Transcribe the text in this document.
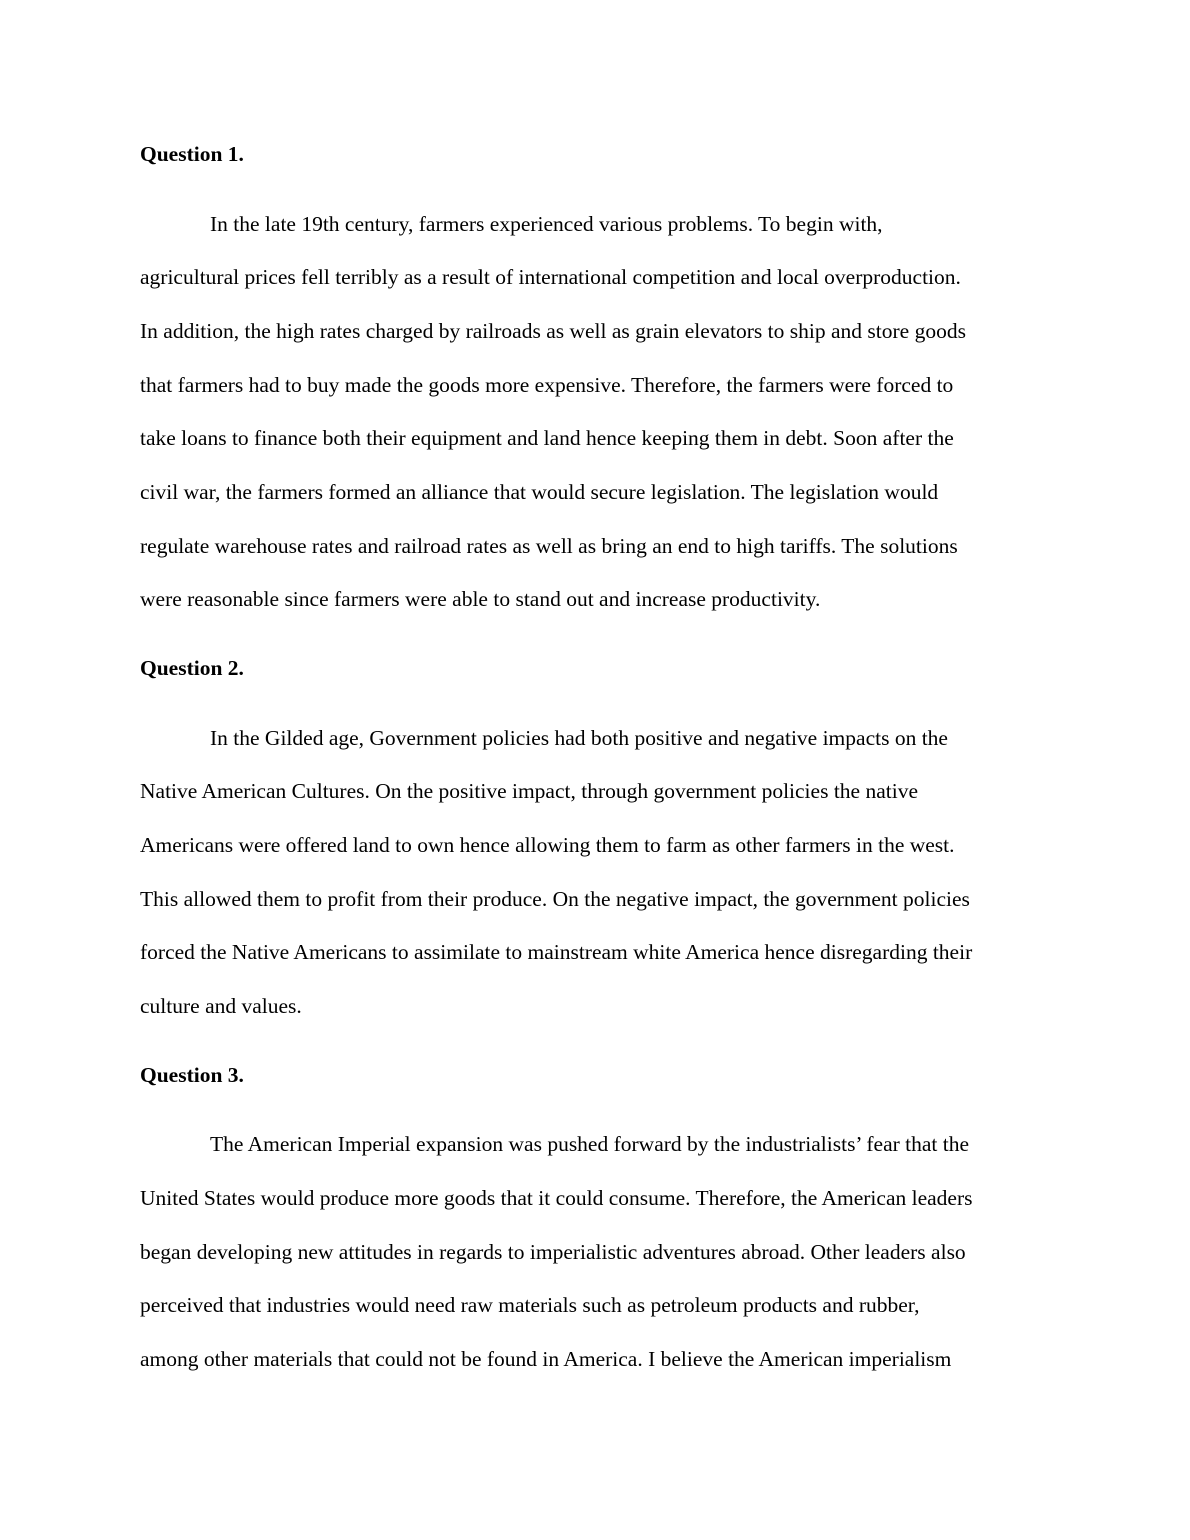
Question 1.
In the late 19th century, farmers experienced various problems. To begin with,
agricultural prices fell terribly as a result of international competition and local overproduction.
In addition, the high rates charged by railroads as well as grain elevators to ship and store goods
that farmers had to buy made the goods more expensive. Therefore, the farmers were forced to
take loans to finance both their equipment and land hence keeping them in debt. Soon after the
civil war, the farmers formed an alliance that would secure legislation. The legislation would
regulate warehouse rates and railroad rates as well as bring an end to high tariffs. The solutions
were reasonable since farmers were able to stand out and increase productivity.
Question 2.
In the Gilded age, Government policies had both positive and negative impacts on the
Native American Cultures. On the positive impact, through government policies the native
Americans were offered land to own hence allowing them to farm as other farmers in the west.
This allowed them to profit from their produce. On the negative impact, the government policies
forced the Native Americans to assimilate to mainstream white America hence disregarding their
culture and values.
Question 3.
The American Imperial expansion was pushed forward by the industrialists’ fear that the
United States would produce more goods that it could consume. Therefore, the American leaders
began developing new attitudes in regards to imperialistic adventures abroad. Other leaders also
perceived that industries would need raw materials such as petroleum products and rubber,
among other materials that could not be found in America. I believe the American imperialism
